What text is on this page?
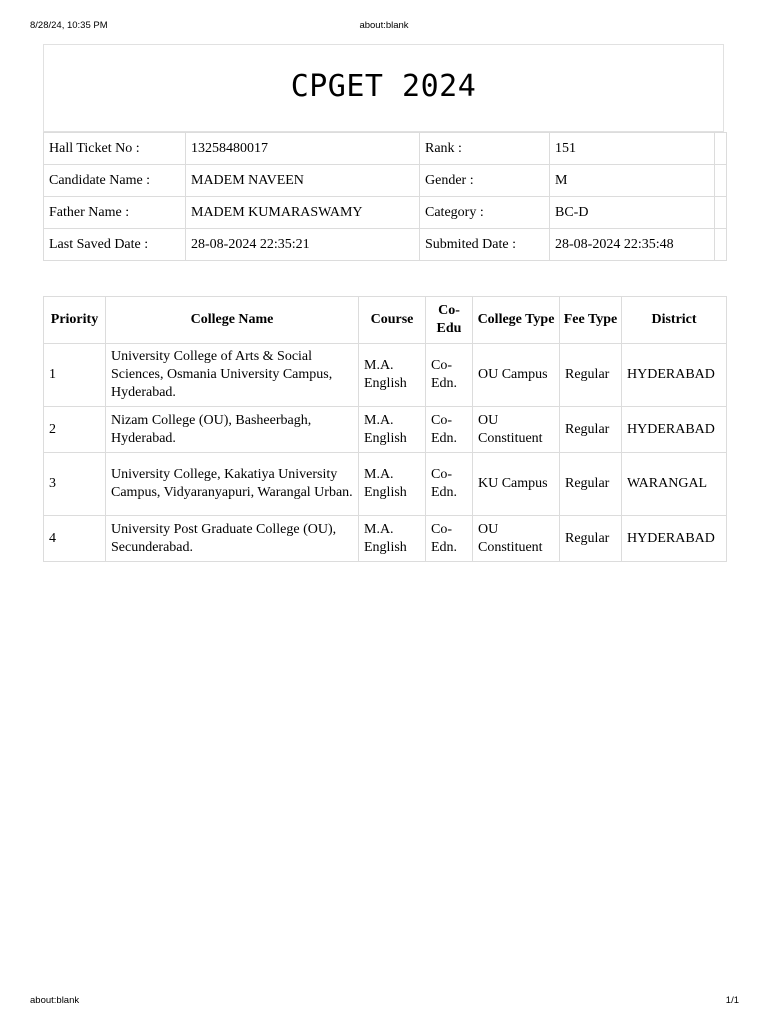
8/28/24, 10:35 PM	about:blank
CPGET 2024
Hall Ticket No :	13258480017	Rank :	151	
Candidate Name :	MADEM NAVEEN	Gender :	M	
Father Name :	MADEM KUMARASWAMY	Category :	BC-D	
Last Saved Date :	28-08-2024 22:35:21	Submited Date :	28-08-2024 22:35:48	
Priority	College Name	Course	Co-Edu	College Type	Fee Type	District
1	University College of Arts & Social Sciences, Osmania University Campus, Hyderabad.	M.A. English	Co-Edn.	OU Campus	Regular	HYDERABAD
2	Nizam College (OU), Basheerbagh, Hyderabad.	M.A. English	Co-Edn.	OU Constituent	Regular	HYDERABAD
3	University College, Kakatiya University Campus, Vidyaranyapuri, Warangal Urban.	M.A. English	Co-Edn.	KU Campus	Regular	WARANGAL
4	University Post Graduate College (OU), Secunderabad.	M.A. English	Co-Edn.	OU Constituent	Regular	HYDERABAD
about:blank	1/1
